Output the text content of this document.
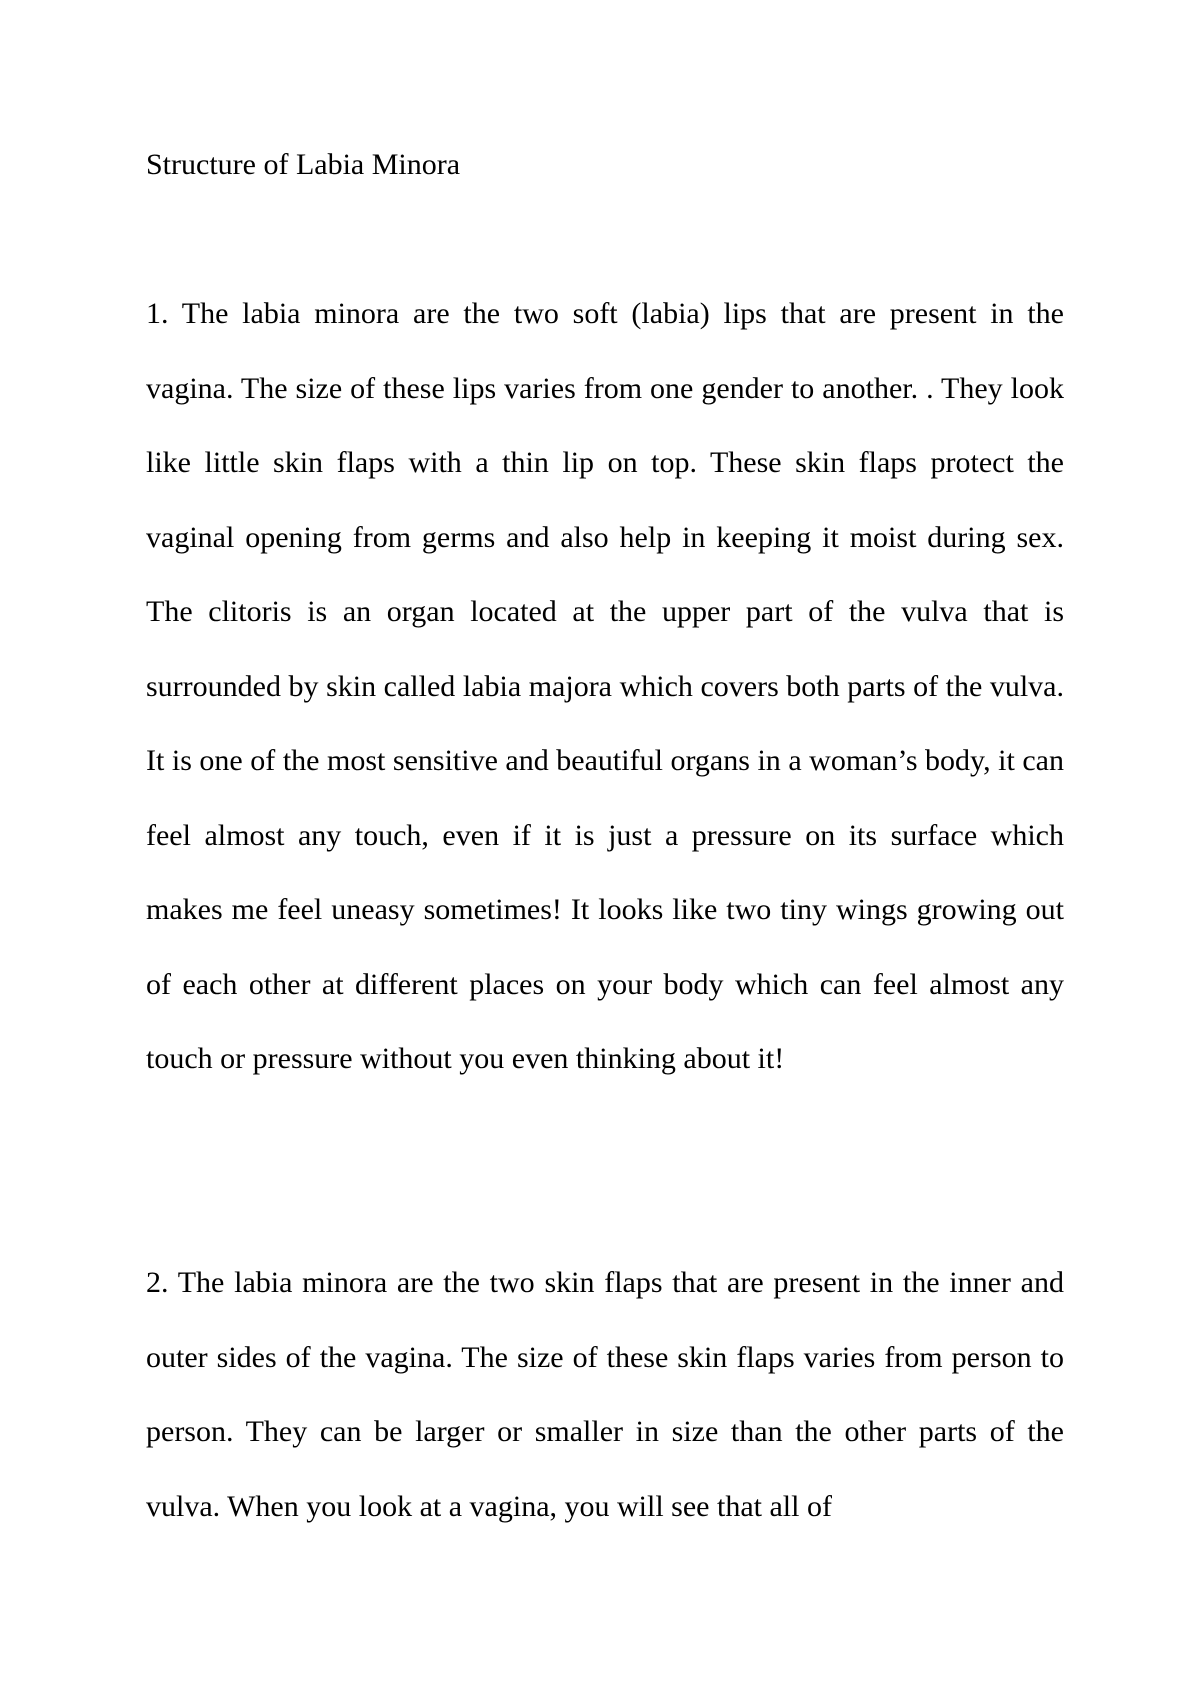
Structure of Labia Minora

1. The labia minora are the two soft (labia) lips that are present in the vagina. The size of these lips varies from one gender to another. . They look like little skin flaps with a thin lip on top. These skin flaps protect the vaginal opening from germs and also help in keeping it moist during sex. The clitoris is an organ located at the upper part of the vulva that is surrounded by skin called labia majora which covers both parts of the vulva. It is one of the most sensitive and beautiful organs in a woman’s body, it can feel almost any touch, even if it is just a pressure on its surface which makes me feel uneasy sometimes! It looks like two tiny wings growing out of each other at different places on your body which can feel almost any touch or pressure without you even thinking about it!

2. The labia minora are the two skin flaps that are present in the inner and outer sides of the vagina. The size of these skin flaps varies from person to person. They can be larger or smaller in size than the other parts of the vulva. When you look at a vagina, you will see that all of
